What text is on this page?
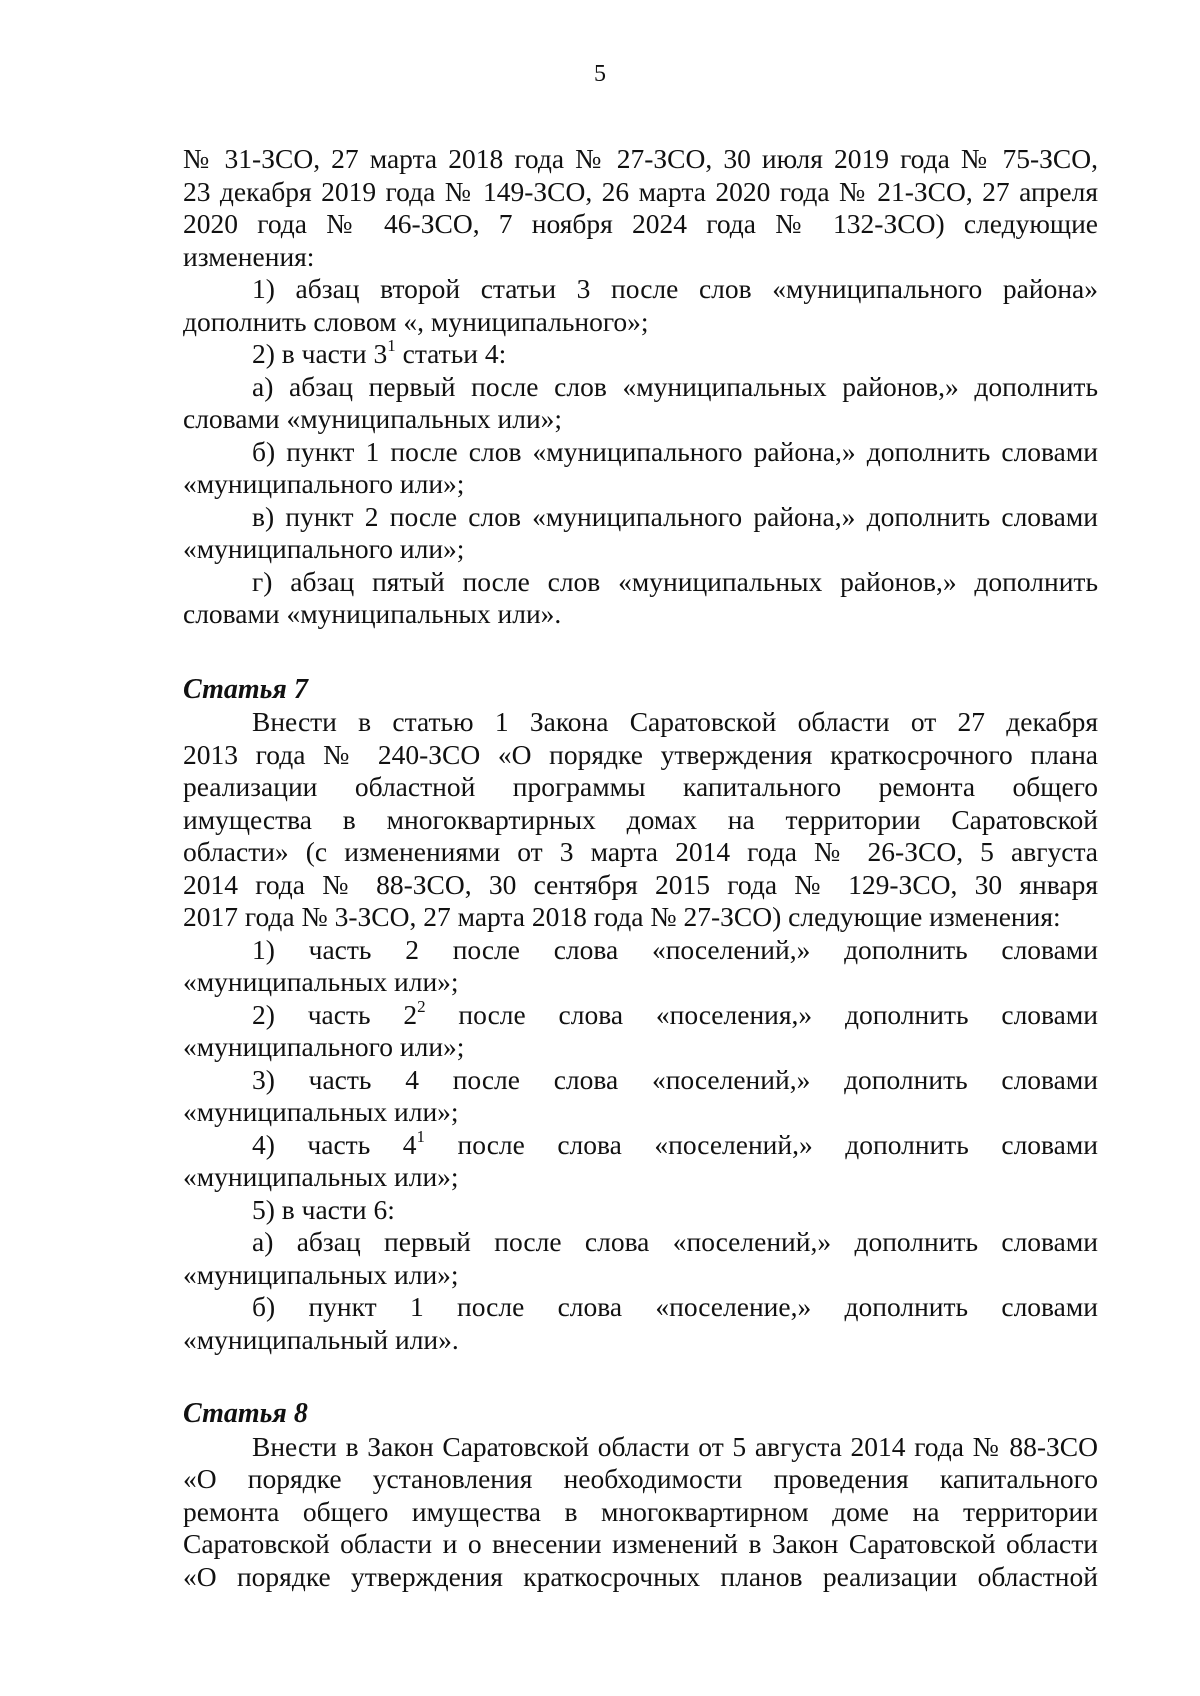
5

№ 31-ЗСО, 27 марта 2018 года № 27-ЗСО, 30 июля 2019 года № 75-ЗСО,

23 декабря 2019 года № 149-ЗСО, 26 марта 2020 года № 21-ЗСО, 27 апреля

2020 года № 46-ЗСО, 7 ноября 2024 года № 132-ЗСО) следующие

изменения:

1) абзац второй статьи 3 после слов «муниципального района»

дополнить словом «, муниципального»;

2) в части $3^1$ статьи 4:

а) абзац первый после слов «муниципальных районов,» дополнить

словами «муниципальных или»;

б) пункт 1 после слов «муниципального района,» дополнить словами

«муниципального или»;

в) пункт 2 после слов «муниципального района,» дополнить словами

«муниципального или»;

г) абзац пятый после слов «муниципальных районов,» дополнить

словами «муниципальных или».

Статья 7

Внести в статью 1 Закона Саратовской области от 27 декабря

2013 года № 240-ЗСО «О порядке утверждения краткосрочного плана

реализации областной программы капитального ремонта общего

имущества в многоквартирных домах на территории Саратовской

области» (с изменениями от 3 марта 2014 года № 26-ЗСО, 5 августа

2014 года № 88-ЗСО, 30 сентября 2015 года № 129-ЗСО, 30 января

2017 года № 3-ЗСО, 27 марта 2018 года № 27-ЗСО) следующие изменения:

1) часть 2 после слова «поселений,» дополнить словами

«муниципальных или»;

2) часть $2^2$ после слова «поселения,» дополнить словами

«муниципального или»;

3) часть 4 после слова «поселений,» дополнить словами

«муниципальных или»;

4) часть $4^1$ после слова «поселений,» дополнить словами

«муниципальных или»;

5) в части 6:

а) абзац первый после слова «поселений,» дополнить словами

«муниципальных или»;

б) пункт 1 после слова «поселение,» дополнить словами

«муниципальный или».

Статья 8

Внести в Закон Саратовской области от 5 августа 2014 года № 88-ЗСО

«О порядке установления необходимости проведения капитального

ремонта общего имущества в многоквартирном доме на территории

Саратовской области и о внесении изменений в Закон Саратовской области

«О порядке утверждения краткосрочных планов реализации областной
